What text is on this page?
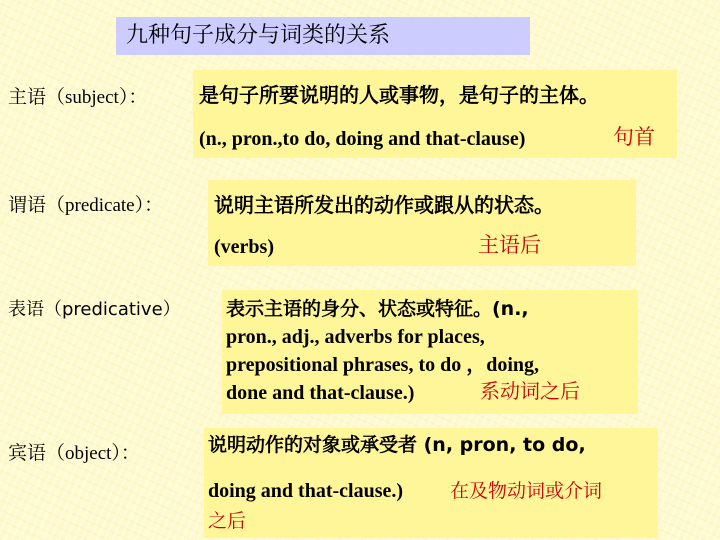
九种句子成分与词类的关系
主语（subject）：	是句子所要说明的人或事物，是句子的主体。
(n., pron.,to do, doing and that-clause)	句首
谓语（predicate）：	说明主语所发出的动作或跟从的状态。
(verbs)	主语后
表语（predicative） 表示主语的身分、状态或特征。(n.,
pron., adj., adverbs for places,
prepositional phrases, to do ，doing,
done and that-clause.)	系动词之后
宾语（object）：	说明动作的对象或承受者 (n, pron, to do,
doing and that-clause.) 在及物动词或介词
之后
